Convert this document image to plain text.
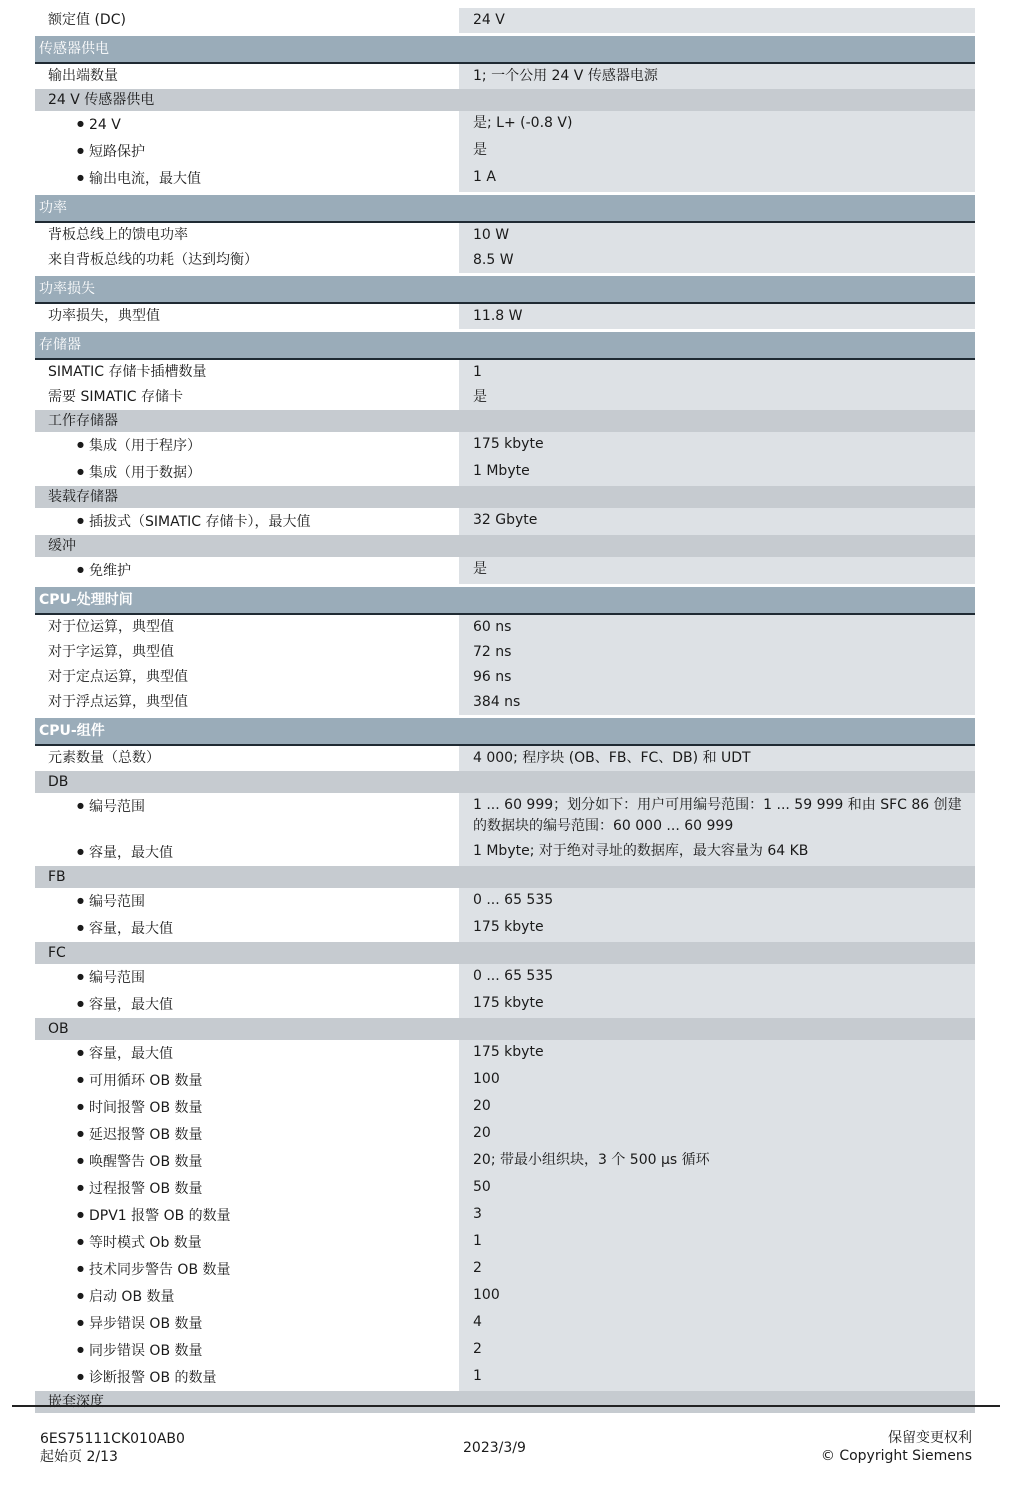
额定值 (DC)	24 V
传感器供电
输出端数量	1; 一个公用 24 V 传感器电源
24 V 传感器供电
● 24 V	是; L+ (-0.8 V)
● 短路保护	是
● 输出电流，最大值	1 A
功率
背板总线上的馈电功率	10 W
来自背板总线的功耗（达到均衡）	8.5 W
功率损失
功率损失，典型值	11.8 W
存储器
SIMATIC 存储卡插槽数量	1
需要 SIMATIC 存储卡	是
工作存储器
● 集成（用于程序）	175 kbyte
● 集成（用于数据）	1 Mbyte
装载存储器
● 插拔式（SIMATIC 存储卡），最大值	32 Gbyte
缓冲
● 免维护	是
CPU-处理时间
对于位运算，典型值	60 ns
对于字运算，典型值	72 ns
对于定点运算，典型值	96 ns
对于浮点运算，典型值	384 ns
CPU-组件
元素数量（总数）	4 000; 程序块 (OB、FB、FC、DB) 和 UDT
DB
● 编号范围	1 ... 60 999；划分如下：用户可用编号范围：1 ... 59 999 和由 SFC 86 创建的数据块的编号范围：60 000 ... 60 999
● 容量，最大值	1 Mbyte; 对于绝对寻址的数据库，最大容量为 64 KB
FB
● 编号范围	0 ... 65 535
● 容量，最大值	175 kbyte
FC
● 编号范围	0 ... 65 535
● 容量，最大值	175 kbyte
OB
● 容量，最大值	175 kbyte
● 可用循环 OB 数量	100
● 时间报警 OB 数量	20
● 延迟报警 OB 数量	20
● 唤醒警告 OB 数量	20; 带最小组织块，3 个 500 µs 循环
● 过程报警 OB 数量	50
● DPV1 报警 OB 的数量	3
● 等时模式 Ob 数量	1
● 技术同步警告 OB 数量	2
● 启动 OB 数量	100
● 异步错误 OB 数量	4
● 同步错误 OB 数量	2
● 诊断报警 OB 的数量	1
嵌套深度
6ES75111CK010AB0
起始页 2/13
2023/3/9
保留变更权利
© Copyright Siemens
